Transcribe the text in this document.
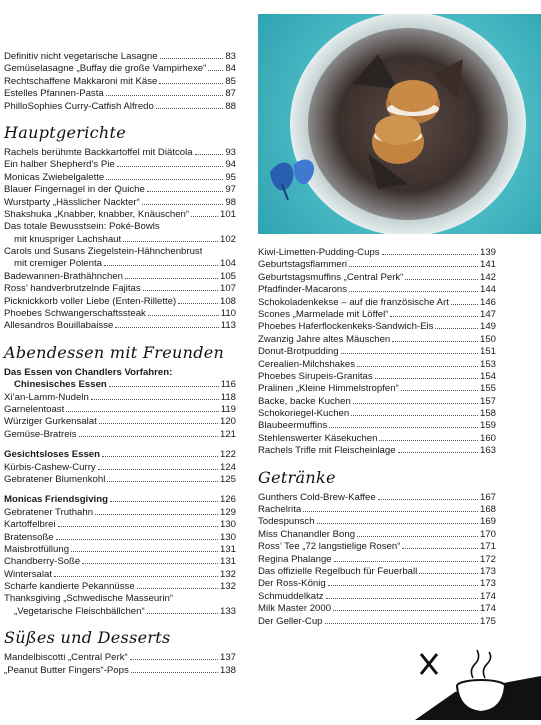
Definitiv nicht vegetarische Lasagne	83
Gemüselasagne „Buffay die große Vampirhexe“ 84
Rechtschaffene Makkaroni mit Käse	85
Estelles Pfannen-Pasta	87
PhilloSophies Curry-Catfish Alfredo	88
Hauptgerichte
Rachels berühmte Backkartoffel mit Diätcola	93
Ein halber Shepherd’s Pie	94
Monicas Zwiebelgalette	95
Blauer Fingernagel in der Quiche	97
Wurstparty „Hässlicher Nackter“	98
Shakshuka „Knabber, knabber, Knäuschen“	101
Das totale Bewusstsein: Poké-Bowls
mit knuspriger Lachshaut	102
Carols und Susans Ziegelstein-Hähnchenbrust
mit cremiger Polenta	104
Badewannen-Brathähnchen	105
Ross’ handverbrutzelnde Fajitas	107
Picknickkorb voller Liebe (Enten-Rillette)	108
Phoebes Schwangerschaftssteak	110
Allesandros Bouillabaisse	113
Abendessen mit Freunden
Das Essen von Chandlers Vorfahren:
Chinesisches Essen	116
Xi’an-Lamm-Nudeln	118
Garnelentoast	119
Würziger Gurkensalat	120
Gemüse-Bratreis	121
Gesichtsloses Essen	122
Kürbis-Cashew-Curry	124
Gebratener Blumenkohl	125
Monicas Friendsgiving	126
Gebratener Truthahn	129
Kartoffelbrei	130
Bratensoße	130
Maisbrotfüllung	131
Chandberry-Soße	131
Wintersalat	132
Scharfe kandierte Pekannüsse	132
Thanksgiving „Schwedische Masseurin“
„Vegetarische Fleischbällchen“	133
Süßes und Desserts
Mandelbiscotti „Central Perk“	137
„Peanut Butter Fingers“-Pops	138
Kiwi-Limetten-Pudding-Cups	139
Geburtstagsflammeri	141
Geburtstagsmuffins „Central Perk“	142
Pfadfinder-Macarons	144
Schokoladenkekse – auf die französische Art	146
Scones „Marmelade mit Löffel“	147
Phoebes Haferflockenkeks-Sandwich-Eis	149
Zwanzig Jahre altes Mäuschen	150
Donut-Brotpudding	151
Cerealien-Milchshakes	153
Phoebes Sirupeis-Granitas	154
Pralinen „Kleine Himmelstropfen“	155
Backe, backe Kuchen	157
Schokoriegel-Kuchen	158
Blaubeermuffins	159
Stehlenswerter Käsekuchen	160
Rachels Trifle mit Fleischeinlage	163
Getränke
Gunthers Cold-Brew-Kaffee	167
Rachelrita	168
Todespunsch	169
Miss Chanandler Bong	170
Ross’ Tee „72 langstielige Rosen“	171
Regina Phalange	172
Das offizielle Regelbuch für Feuerball	173
Der Ross-König	173
Schmuddelkatz	174
Milk Master 2000	174
Der Geller-Cup	175
